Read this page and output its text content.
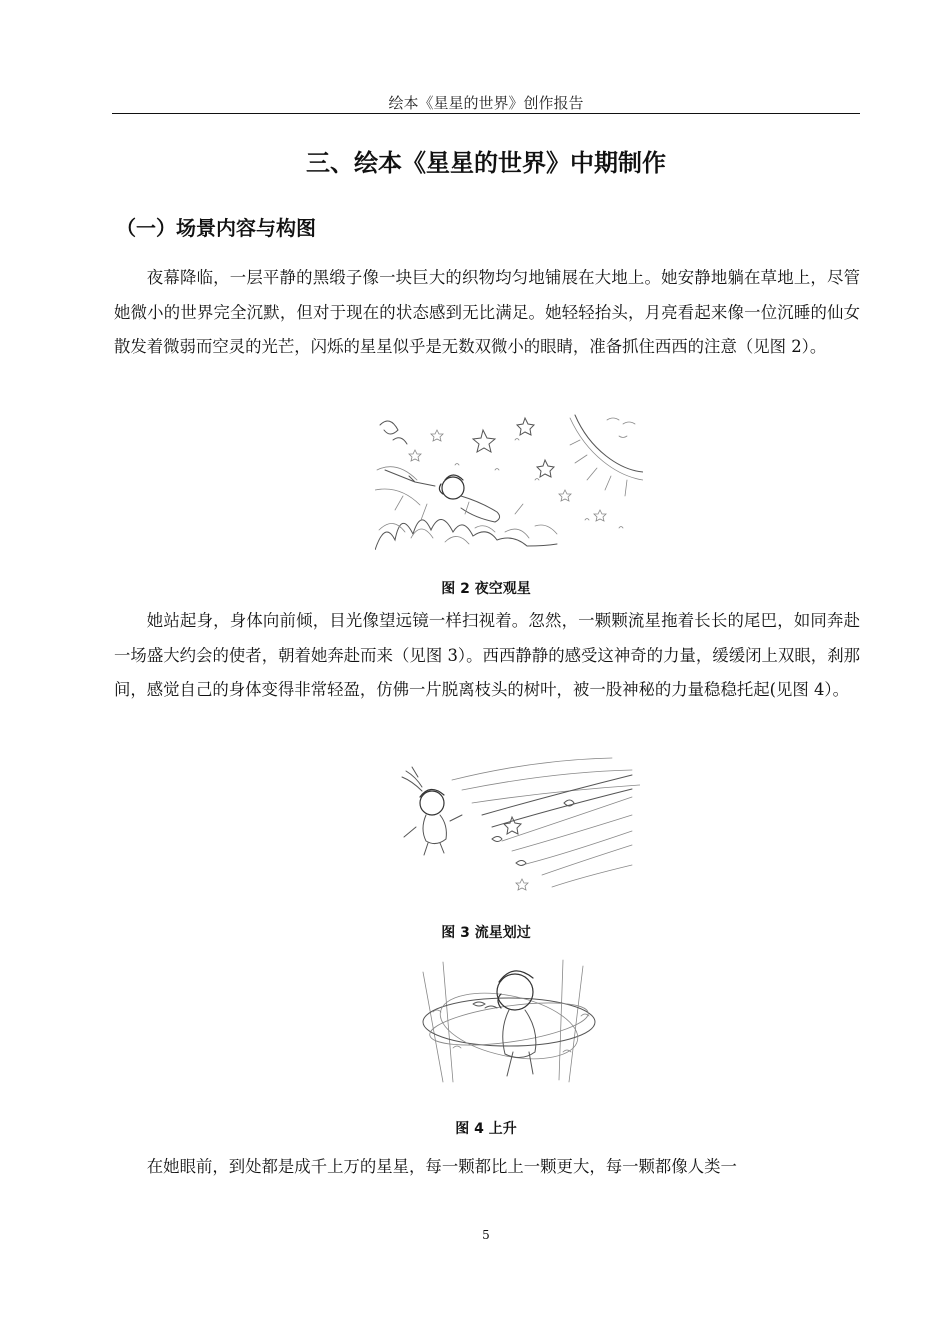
绘本《星星的世界》创作报告
三、绘本《星星的世界》中期制作
（一）场景内容与构图

夜幕降临，一层平静的黑缎子像一块巨大的织物均匀地铺展在大地上。她安静地躺在草地上，尽管她微小的世界完全沉默，但对于现在的状态感到无比满足。她轻轻抬头，月亮看起来像一位沉睡的仙女散发着微弱而空灵的光芒，闪烁的星星似乎是无数双微小的眼睛，准备抓住西西的注意（见图 2）。

图 2 夜空观星

她站起身，身体向前倾，目光像望远镜一样扫视着。忽然，一颗颗流星拖着长长的尾巴，如同奔赴一场盛大约会的使者，朝着她奔赴而来（见图 3）。西西静静的感受这神奇的力量，缓缓闭上双眼，刹那间，感觉自己的身体变得非常轻盈，仿佛一片脱离枝头的树叶，被一股神秘的力量稳稳托起(见图 4）。

图 3 流星划过
图 4 上升

在她眼前，到处都是成千上万的星星，每一颗都比上一颗更大，每一颗都像人类一

5
